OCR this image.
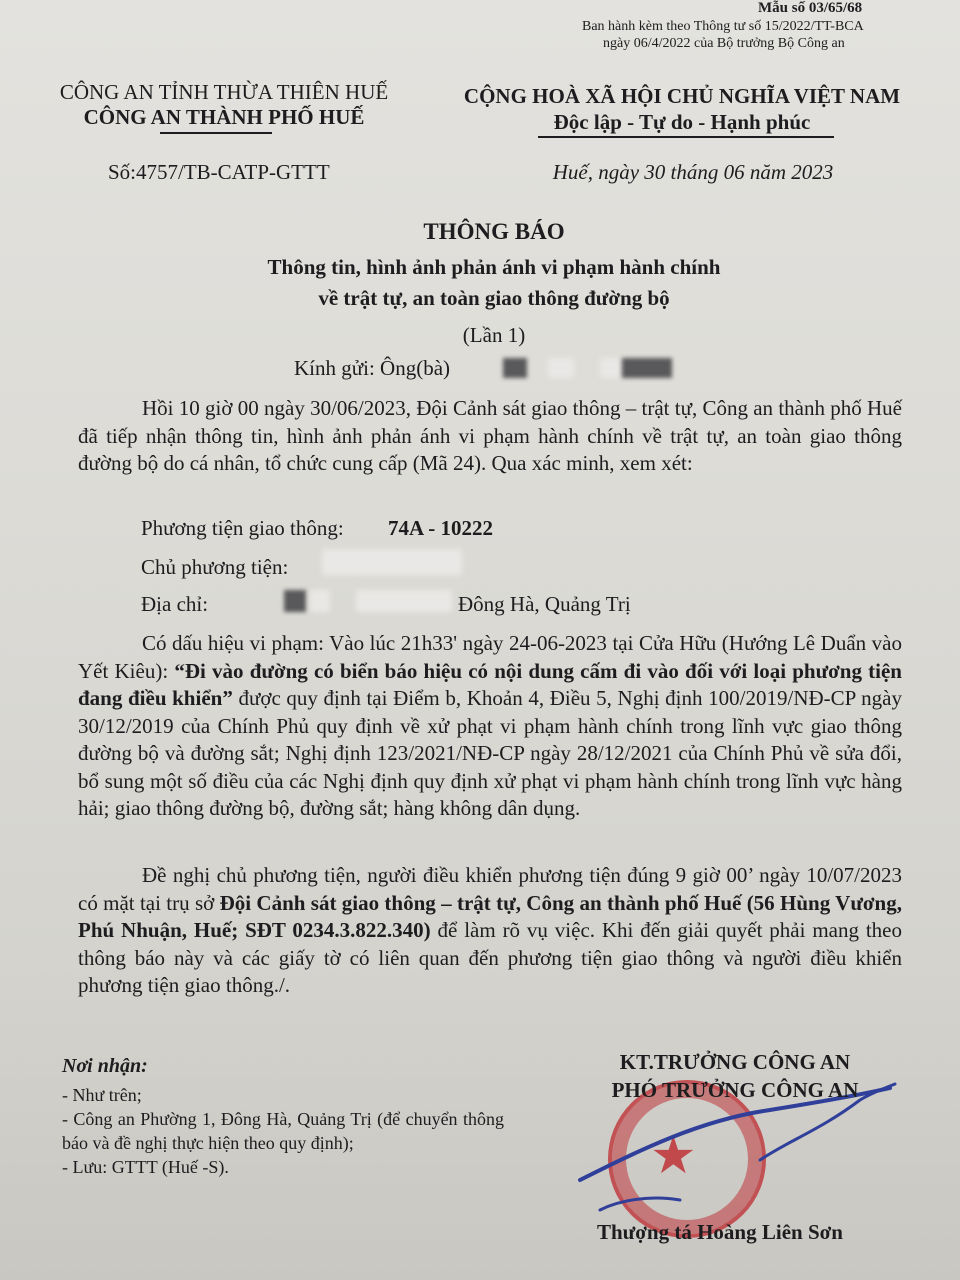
Mẫu số 03/65/68
Ban hành kèm theo Thông tư số 15/2022/TT-BCA
ngày 06/4/2022 của Bộ trưởng Bộ Công an
CÔNG AN TỈNH THỪA THIÊN HUẾ
CÔNG AN THÀNH PHỐ HUẾ
Số:4757/TB-CATP-GTTT
CỘNG HOÀ XÃ HỘI CHỦ NGHĨA VIỆT NAM
Độc lập - Tự do - Hạnh phúc
Huế, ngày 30 tháng 06 năm 2023
THÔNG BÁO
Thông tin, hình ảnh phản ánh vi phạm hành chính
về trật tự, an toàn giao thông đường bộ
(Lần 1)
Kính gửi: Ông(bà)
Hồi 10 giờ 00 ngày 30/06/2023, Đội Cảnh sát giao thông – trật tự, Công an thành phố Huế đã tiếp nhận thông tin, hình ảnh phản ánh vi phạm hành chính về trật tự, an toàn giao thông đường bộ do cá nhân, tổ chức cung cấp (Mã 24). Qua xác minh, xem xét:
Phương tiện giao thông: 74A - 10222
Chủ phương tiện:
Địa chỉ:	Đông Hà, Quảng Trị
Có dấu hiệu vi phạm: Vào lúc 21h33' ngày 24-06-2023 tại Cửa Hữu (Hướng Lê Duẩn vào Yết Kiêu): “Đi vào đường có biển báo hiệu có nội dung cấm đi vào đối với loại phương tiện đang điều khiển” được quy định tại Điểm b, Khoản 4, Điều 5, Nghị định 100/2019/NĐ-CP ngày 30/12/2019 của Chính Phủ quy định về xử phạt vi phạm hành chính trong lĩnh vực giao thông đường bộ và đường sắt; Nghị định 123/2021/NĐ-CP ngày 28/12/2021 của Chính Phủ về sửa đổi, bổ sung một số điều của các Nghị định quy định xử phạt vi phạm hành chính trong lĩnh vực hàng hải; giao thông đường bộ, đường sắt; hàng không dân dụng.
Đề nghị chủ phương tiện, người điều khiển phương tiện đúng 9 giờ 00’ ngày 10/07/2023 có mặt tại trụ sở Đội Cảnh sát giao thông – trật tự, Công an thành phố Huế (56 Hùng Vương, Phú Nhuận, Huế; SĐT 0234.3.822.340) để làm rõ vụ việc. Khi đến giải quyết phải mang theo thông báo này và các giấy tờ có liên quan đến phương tiện giao thông và người điều khiển phương tiện giao thông./.
Nơi nhận:
- Như trên;
- Công an Phường 1, Đông Hà, Quảng Trị (để chuyển thông báo và đề nghị thực hiện theo quy định);
- Lưu: GTTT (Huế -S).	★
KT.TRƯỞNG CÔNG AN
PHÓ TRƯỞNG CÔNG AN
Thượng tá Hoàng Liên Sơn
